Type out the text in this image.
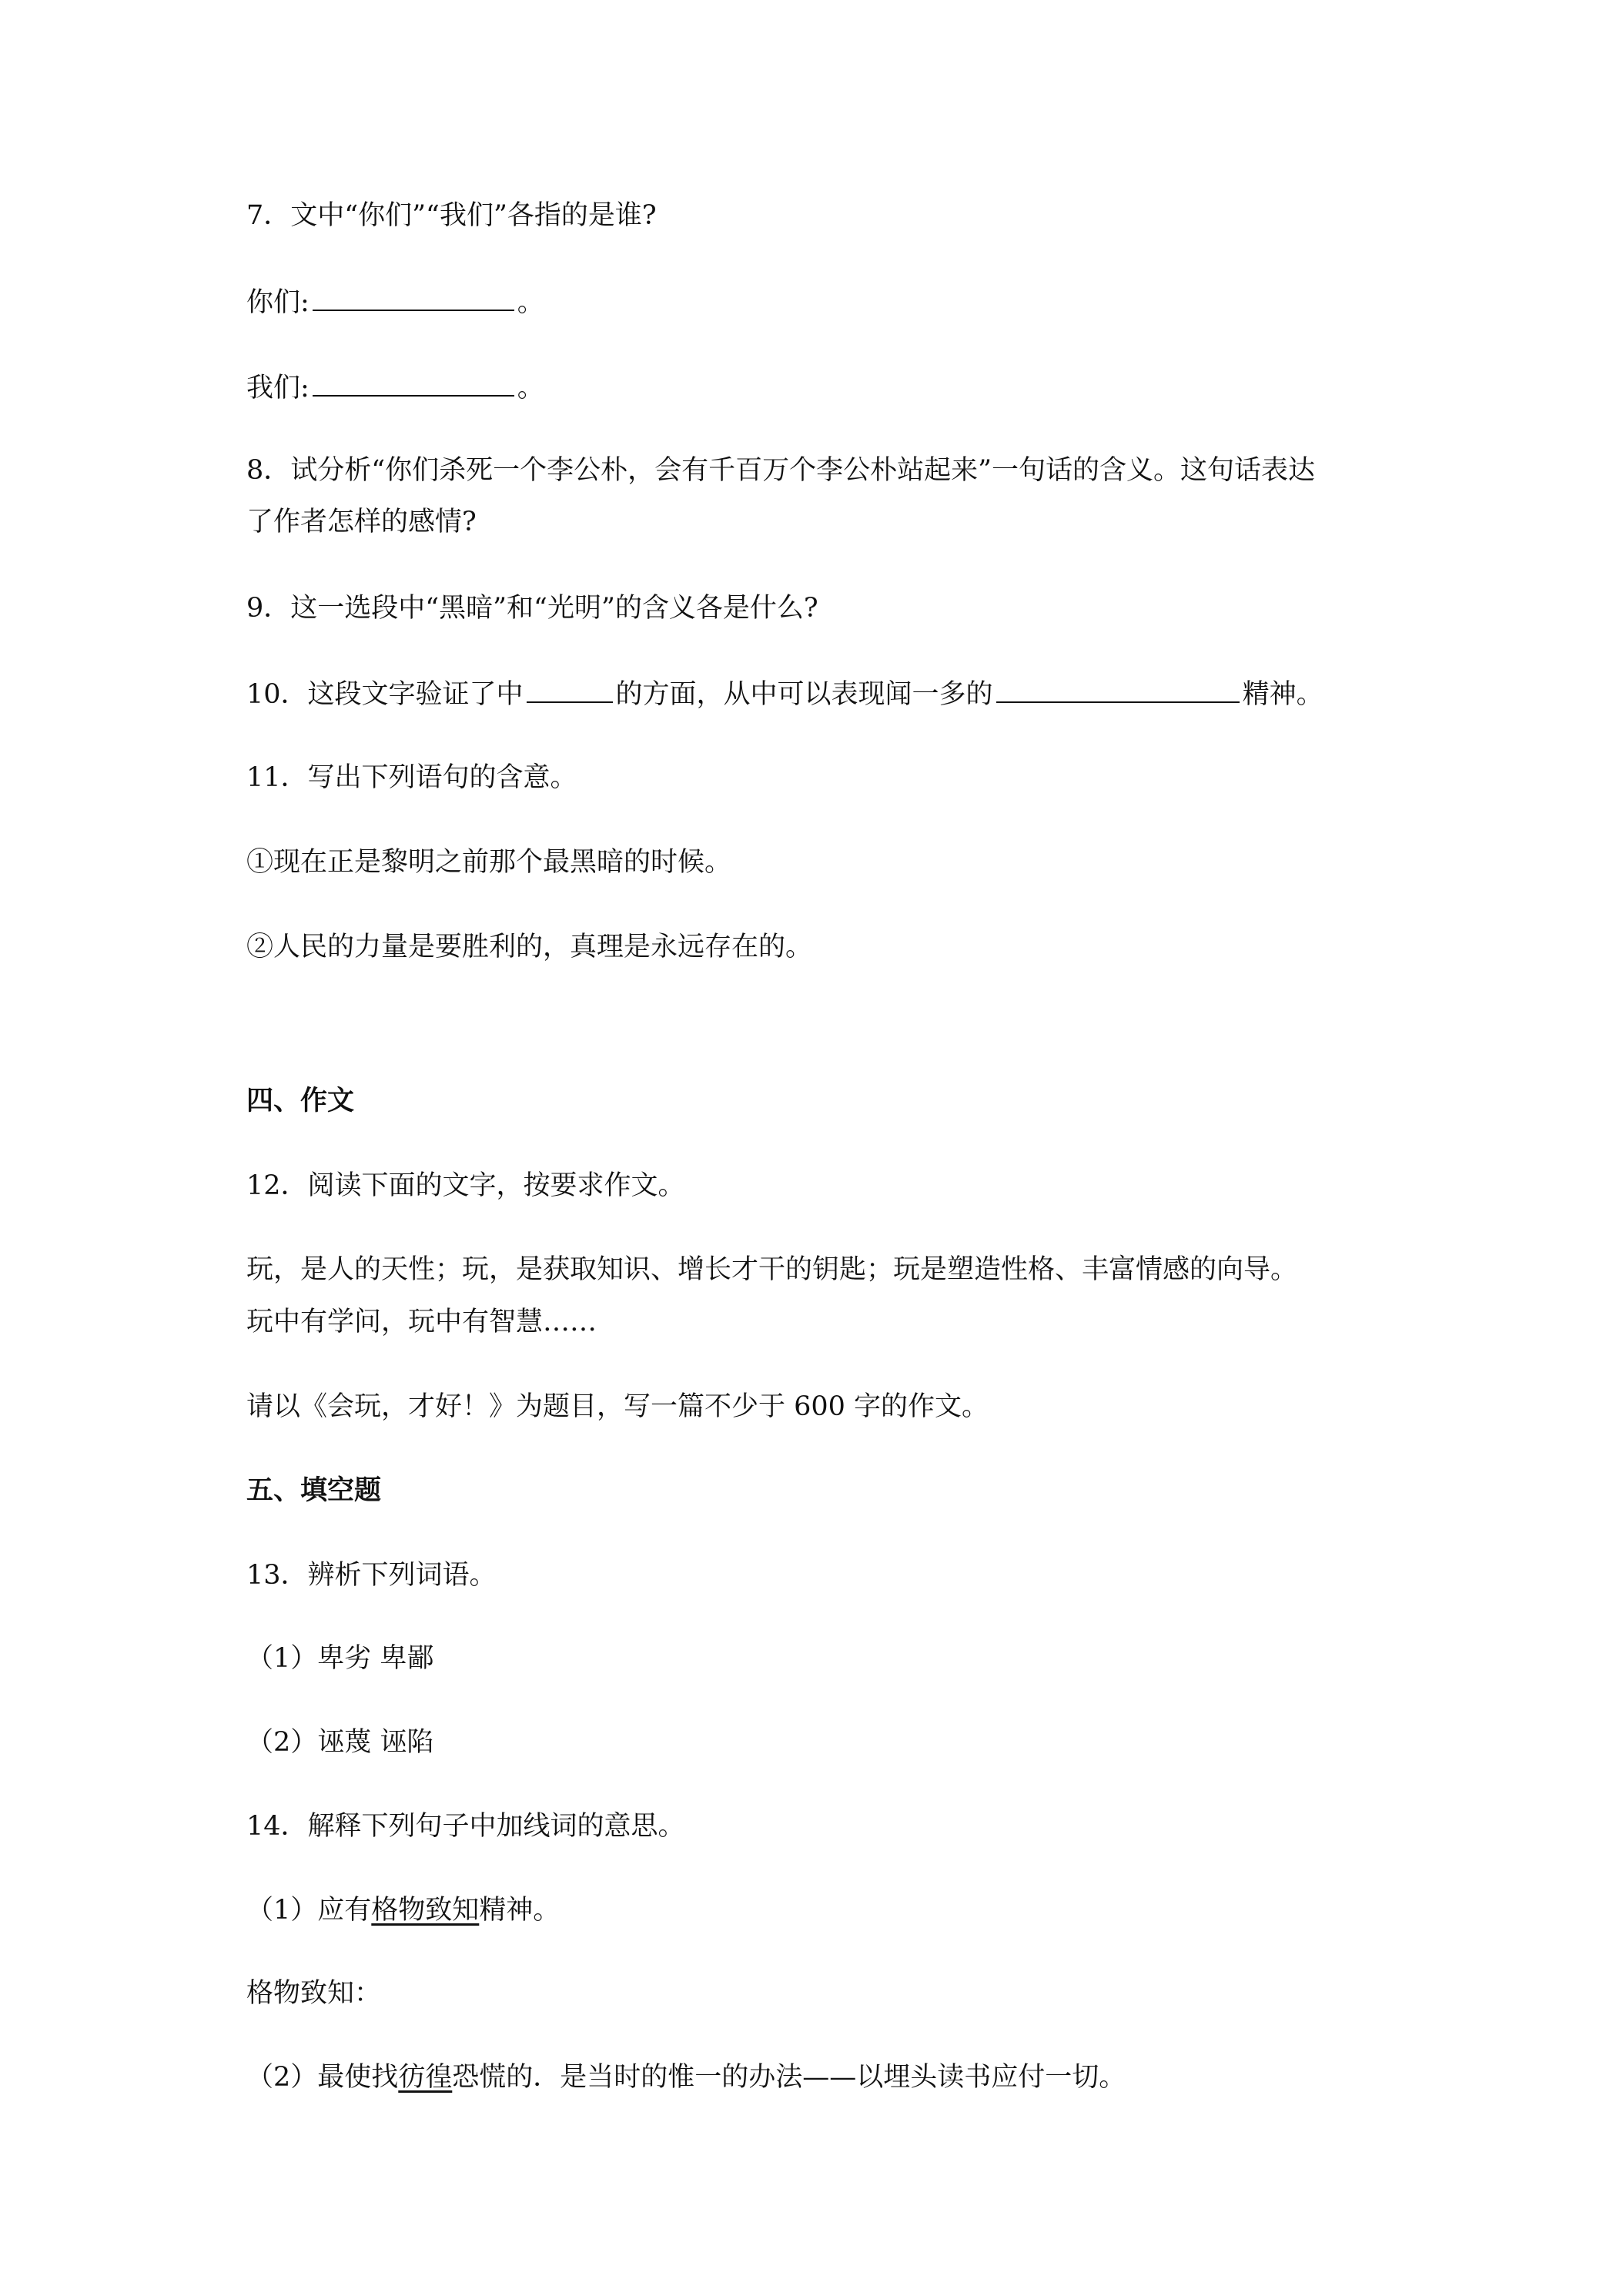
7．文中“你们”“我们”各指的是谁?
你们:	。
我们:	。
8．试分析“你们杀死一个李公朴，会有千百万个李公朴站起来”一句话的含义。这句话表达
了作者怎样的感情?
9．这一选段中“黑暗”和“光明”的含义各是什么?
10．这段文字验证了中	的方面，从中可以表现闻一多的	精神。
11．写出下列语句的含意。
①现在正是黎明之前那个最黑暗的时候。
②人民的力量是要胜利的，真理是永远存在的。
四、作文
12．阅读下面的文字，按要求作文。
玩，是人的天性；玩，是获取知识、增长才干的钥匙；玩是塑造性格、丰富情感的向导。
玩中有学问，玩中有智慧……
请以《会玩，才好！》为题目，写一篇不少于 600 字的作文。
五、填空题
13．辨析下列词语。
（1）卑劣 卑鄙
（2）诬蔑 诬陷
14．解释下列句子中加线词的意思。
（1）应有格物致知精神。
格物致知：
（2）最使找彷徨恐慌的．是当时的惟一的办法——以埋头读书应付一切。
